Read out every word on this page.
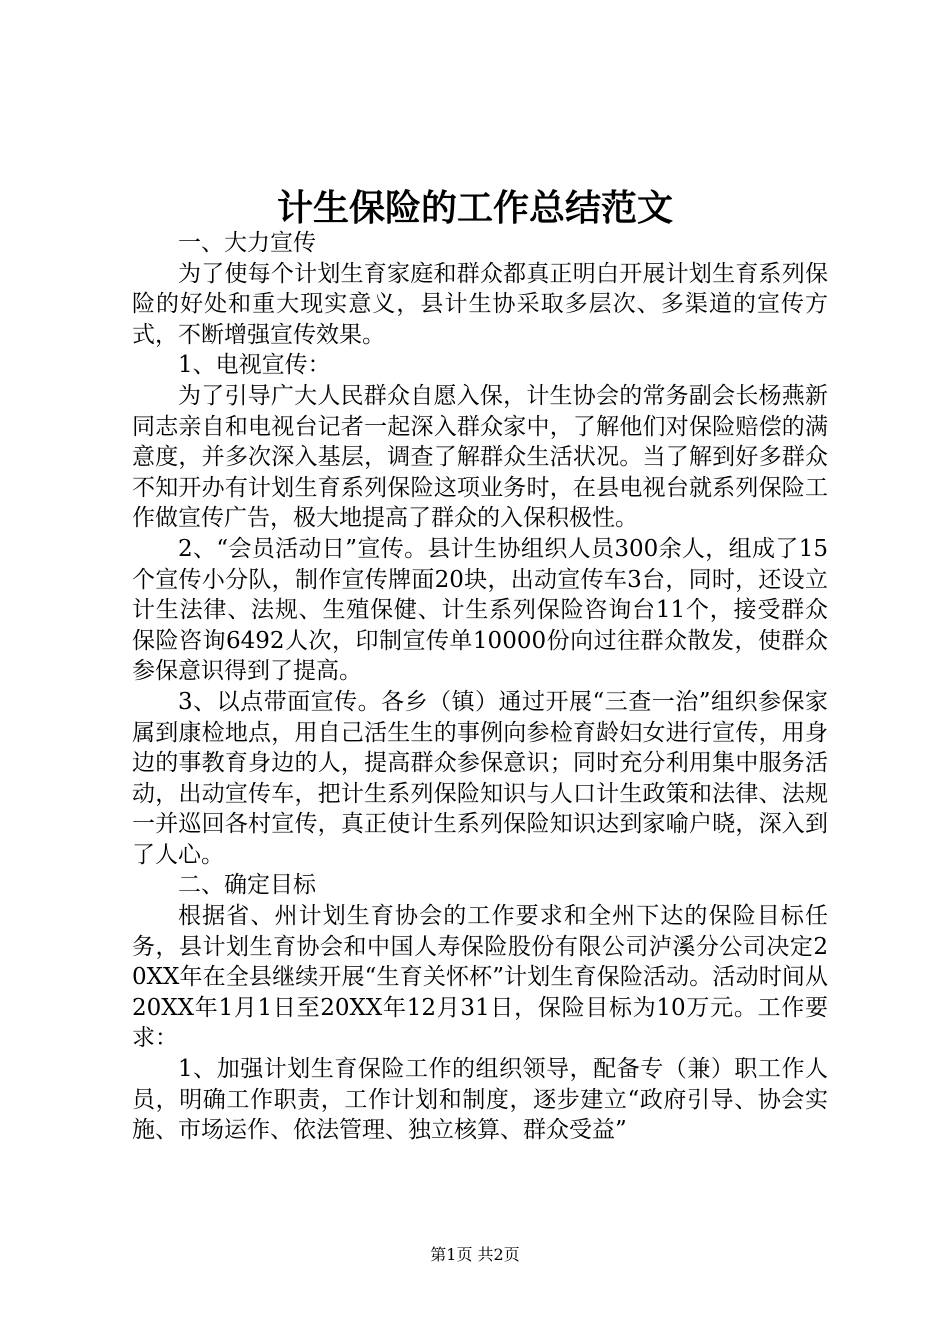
计生保险的工作总结范文

一、大力宣传

为了使每个计划生育家庭和群众都真正明白开展计划生育系列保险的好处和重大现实意义，县计生协采取多层次、多渠道的宣传方式，不断增强宣传效果。

1、电视宣传：

为了引导广大人民群众自愿入保，计生协会的常务副会长杨燕新同志亲自和电视台记者一起深入群众家中，了解他们对保险赔偿的满意度，并多次深入基层，调查了解群众生活状况。当了解到好多群众不知开办有计划生育系列保险这项业务时，在县电视台就系列保险工作做宣传广告，极大地提高了群众的入保积极性。

2、“会员活动日”宣传。县计生协组织人员300余人，组成了15个宣传小分队，制作宣传牌面20块，出动宣传车3台，同时，还设立计生法律、法规、生殖保健、计生系列保险咨询台11个，接受群众保险咨询6492人次，印制宣传单10000份向过往群众散发，使群众参保意识得到了提高。

3、以点带面宣传。各乡（镇）通过开展“三查一治”组织参保家属到康检地点，用自己活生生的事例向参检育龄妇女进行宣传，用身边的事教育身边的人，提高群众参保意识；同时充分利用集中服务活动，出动宣传车，把计生系列保险知识与人口计生政策和法律、法规一并巡回各村宣传，真正使计生系列保险知识达到家喻户晓，深入到了人心。

二、确定目标

根据省、州计划生育协会的工作要求和全州下达的保险目标任务，县计划生育协会和中国人寿保险股份有限公司泸溪分公司决定20XX年在全县继续开展“生育关怀杯”计划生育保险活动。活动时间从20XX年1月1日至20XX年12月31日，保险目标为10万元。工作要求：

1、加强计划生育保险工作的组织领导，配备专（兼）职工作人员，明确工作职责，工作计划和制度，逐步建立“政府引导、协会实施、市场运作、依法管理、独立核算、群众受益”

第1页 共2页
